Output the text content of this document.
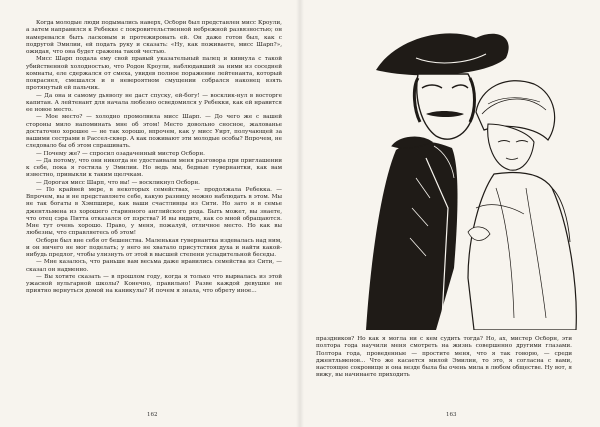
Когда молодые люди подымались наверх, Осборн был представлен мисс Кроули, а затем направился к Ребекке с покровительственной небрежной развязностью; он намеревался быть ласковым и протежировать ей. Он даже готов был, как с подругой Эмилии, ей подать руку и сказать: «Ну, как поживаете, мисс Шарп?», ожидая, что она будет сражена такой честью.

Мисс Шарп подала ему свой правый указательный палец и кивнула с такой убийственной холодностью, что Родон Кроули, наблюдавший за ними из соседней комнаты, еле сдержался от смеха, увидев полное поражение лейтенанта, который покраснел, смешался и в невероятном смущении собрался наконец взять протянутый ей пальчик.

— Да она и самому дьяволу не даст спуску, ей-богу! — восклик-нул в восторге капитан. А лейтенант для начала любезно осведомился у Ребекки, как ей нравится ее новое место.

— Мое место? — холодно промолвила мисс Шарп. — До чего же с вашей стороны мило напоминать мне об этом! Место довольно сносное, жалованье достаточно хорошее — не так хорошо, впрочем, как у мисс Уирт, получающей за вашими сестрами в Рассел-сквер. А как поживают эти молодые особы? Впрочем, не следовало бы об этом спрашивать.

— Почему же? — спросил озадаченный мистер Осборн.

— Да потому, что они никогда не удостаивали меня разговора при приглашении к себе, пока я гостила у Эмилии. Но ведь мы, бедные гувернантки, как вам известно, привыкли к таким щелчкам.

— Дорогая мисс Шарп, что вы! — воскликнул Осборн.

— По крайней мере, в некоторых семействах, — продолжала Ребекка. — Впрочем, вы и не представляете себе, какую разницу можно наблюдать в этом. Мы не так богаты в Хэмпшире, как ваши счастливцы из Сити. Но зато я в семье джентльмена из хорошего старинного английского рода. Быть может, вы знаете, что отец сэра Питта отказался от пэрства? И вы видите, как со мной обращаются. Мне тут очень хорошо. Право, у меня, пожалуй, отличное место. Но как вы любезны, что справляетесь об этом!

Осборн был вне себя от бешенства. Маленькая гувернантка издевалась над ним, и он ничего не мог поделать; у него не хватало присутствия духа и найти какой-нибудь предлог, чтобы улизнуть от этой в высшей степени усладительной беседы.

— Мне казалось, что раньше вам весьма даже нравились семейства из Сити, — сказал он надменно.

— Вы хотите сказать — в прошлом году, когда я только что вырвалась из этой ужасной вульгарной школы? Конечно, правильно! Разве каждой девушке не приятно вернуться домой на каникулы? И почем я знала, что обрету иное...

162

праздников? Но как я могла ни с кем судить тогда? Но, ах, мистер Осборн, эти полтора года научили меня смотреть на жизнь совершенно другими глазами. Полтора года, проведенные — простите меня, что я так говорю, — среди джентльменов... Что же касается милой Эмилии, то это, я согласна с вами, настоящее сокровище и она везде была бы очень мила в любом обществе. Ну вот, я вижу, вы начинаете приходить

163
